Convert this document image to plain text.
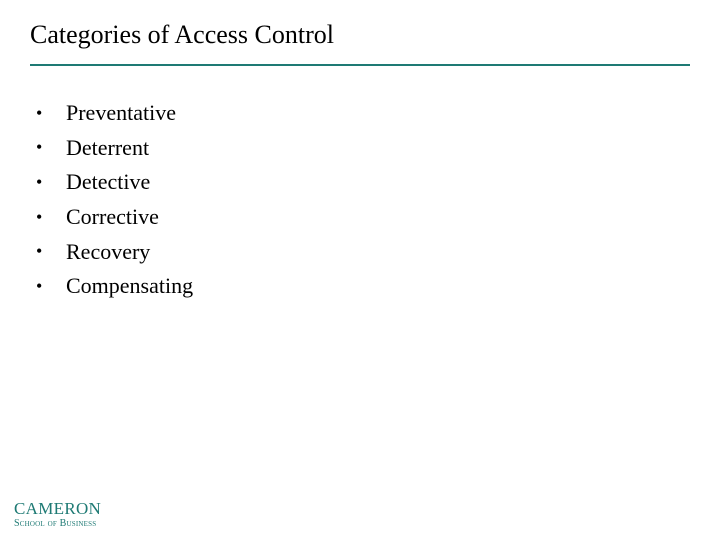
Categories of Access Control
•	Preventative
•	Deterrent
•	Detective
•	Corrective
•	Recovery
•	Compensating
CAMERON
School of Business
